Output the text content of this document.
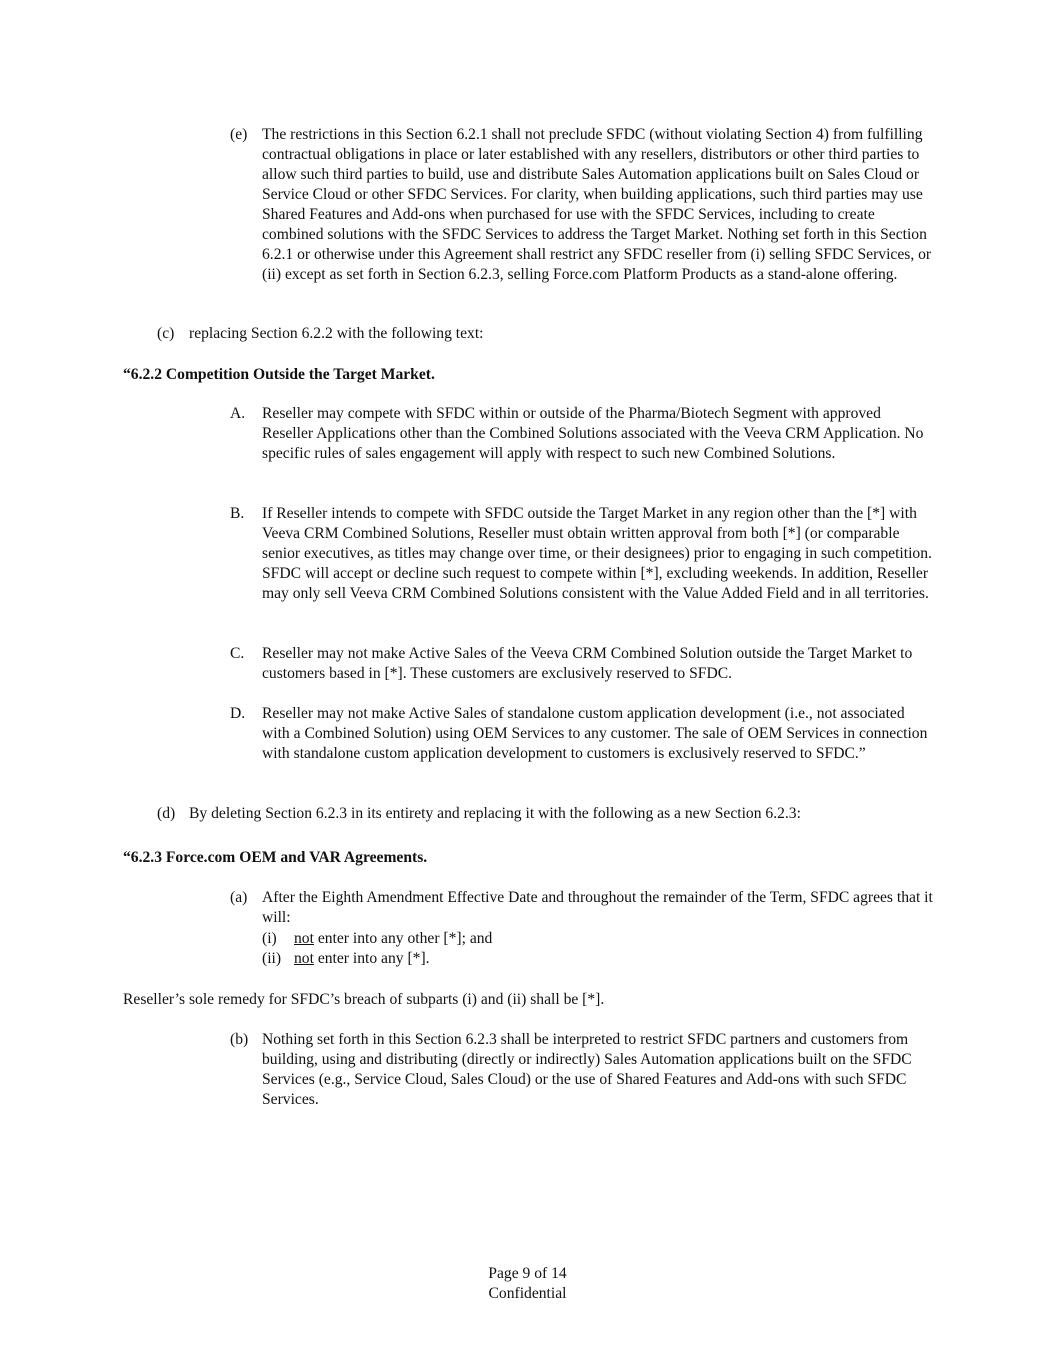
(e) The restrictions in this Section 6.2.1 shall not preclude SFDC (without violating Section 4) from fulfilling contractual obligations in place or later established with any resellers, distributors or other third parties to allow such third parties to build, use and distribute Sales Automation applications built on Sales Cloud or Service Cloud or other SFDC Services. For clarity, when building applications, such third parties may use Shared Features and Add-ons when purchased for use with the SFDC Services, including to create combined solutions with the SFDC Services to address the Target Market. Nothing set forth in this Section 6.2.1 or otherwise under this Agreement shall restrict any SFDC reseller from (i) selling SFDC Services, or (ii) except as set forth in Section 6.2.3, selling Force.com Platform Products as a stand-alone offering.
(c) replacing Section 6.2.2 with the following text:
“6.2.2 Competition Outside the Target Market.
A. Reseller may compete with SFDC within or outside of the Pharma/Biotech Segment with approved Reseller Applications other than the Combined Solutions associated with the Veeva CRM Application. No specific rules of sales engagement will apply with respect to such new Combined Solutions.
B. If Reseller intends to compete with SFDC outside the Target Market in any region other than the [*] with Veeva CRM Combined Solutions, Reseller must obtain written approval from both [*] (or comparable senior executives, as titles may change over time, or their designees) prior to engaging in such competition. SFDC will accept or decline such request to compete within [*], excluding weekends. In addition, Reseller may only sell Veeva CRM Combined Solutions consistent with the Value Added Field and in all territories.
C. Reseller may not make Active Sales of the Veeva CRM Combined Solution outside the Target Market to customers based in [*]. These customers are exclusively reserved to SFDC.
D. Reseller may not make Active Sales of standalone custom application development (i.e., not associated with a Combined Solution) using OEM Services to any customer. The sale of OEM Services in connection with standalone custom application development to customers is exclusively reserved to SFDC.”
(d) By deleting Section 6.2.3 in its entirety and replacing it with the following as a new Section 6.2.3:
“6.2.3 Force.com OEM and VAR Agreements.
(a) After the Eighth Amendment Effective Date and throughout the remainder of the Term, SFDC agrees that it will:
(i) not enter into any other [*]; and
(ii) not enter into any [*].
Reseller’s sole remedy for SFDC’s breach of subparts (i) and (ii) shall be [*].
(b) Nothing set forth in this Section 6.2.3 shall be interpreted to restrict SFDC partners and customers from building, using and distributing (directly or indirectly) Sales Automation applications built on the SFDC Services (e.g., Service Cloud, Sales Cloud) or the use of Shared Features and Add-ons with such SFDC Services.
Page 9 of 14
Confidential
